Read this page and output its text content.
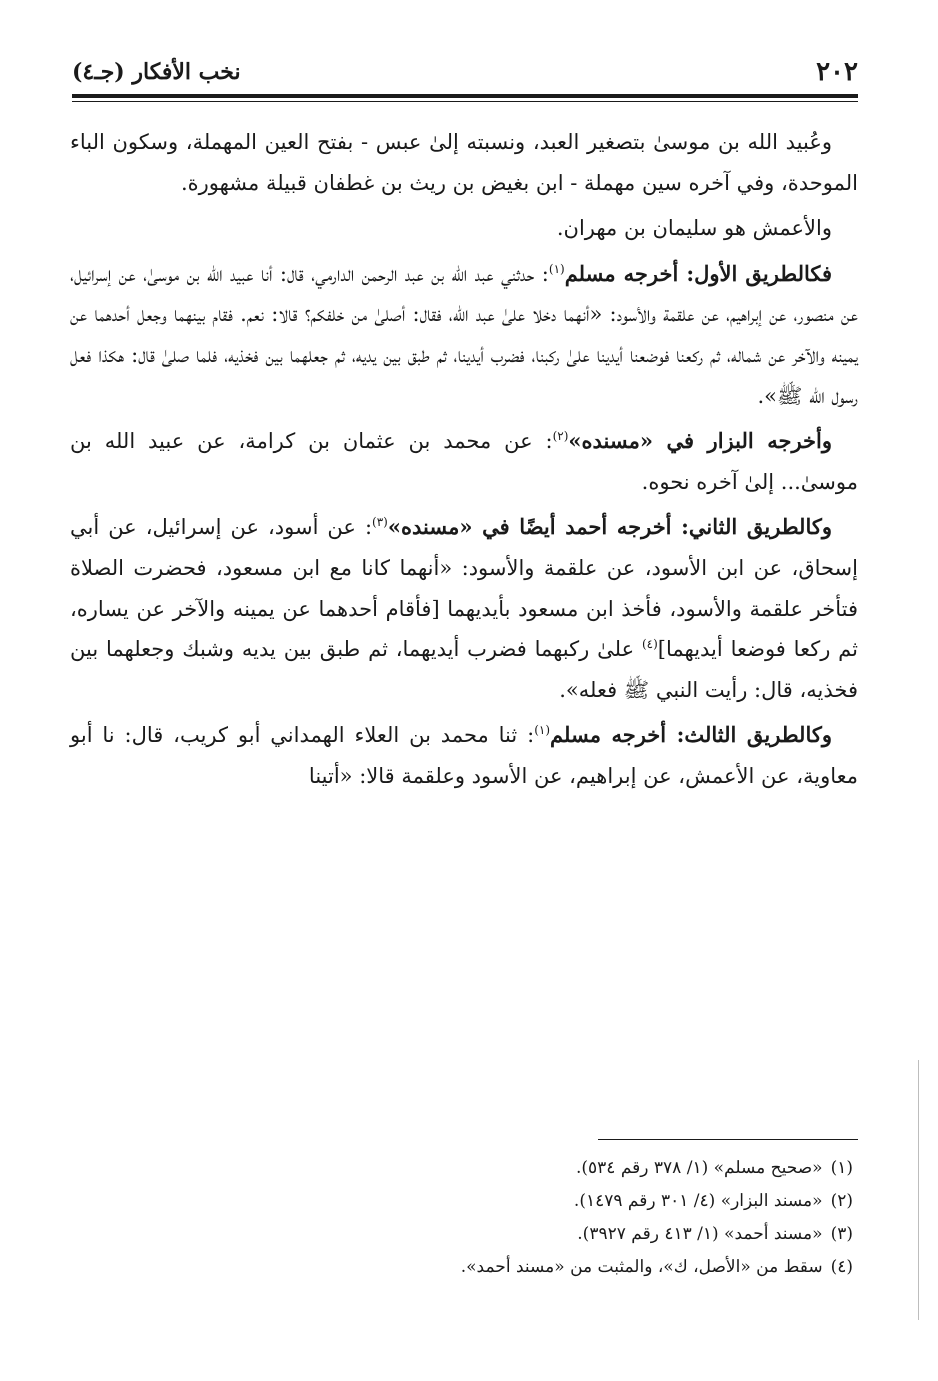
٢٠٢
نخب الأفكار (جـ٤)

وعُبيد الله بن موسىٰ بتصغير العبد، ونسبته إلىٰ عبس - بفتح العين المهملة، وسكون الباء الموحدة، وفي آخره سين مهملة - ابن بغيض بن ريث بن غطفان قبيلة مشهورة.

والأعمش هو سليمان بن مهران.

فكالطريق الأول: أخرجه مسلم$^{(١)}$: حدثني عبد الله بن عبد الرحمن الدارمي، قال: أنا عبيد الله بن موسىٰ، عن إسرائيل، عن منصور، عن إبراهيم، عن علقمة والأسود: «أنهما دخلا علىٰ عبد الله، فقال: أصلىٰ من خلفكم؟ قالا: نعم. فقام بينهما وجعل أحدهما عن يمينه والآخر عن شماله، ثم ركعنا فوضعنا أيدينا علىٰ ركبنا، فضرب أيدينا، ثم طبق بين يديه، ثم جعلهما بين فخذيه، فلما صلىٰ قال: هكذا فعل رسول الله ﷺ».

وأخرجه البزار في «مسنده»$^{(٢)}$: عن محمد بن عثمان بن كرامة، عن عبيد الله بن موسىٰ... إلىٰ آخره نحوه.

وكالطريق الثاني: أخرجه أحمد أيضًا في «مسنده»$^{(٣)}$: عن أسود، عن إسرائيل، عن أبي إسحاق، عن ابن الأسود، عن علقمة والأسود: «أنهما كانا مع ابن مسعود، فحضرت الصلاة فتأخر علقمة والأسود، فأخذ ابن مسعود بأيديهما [فأقام أحدهما عن يمينه والآخر عن يساره، ثم ركعا فوضعا أيديهما]$^{(٤)}$ علىٰ ركبهما فضرب أيديهما، ثم طبق بين يديه وشبك وجعلهما بين فخذيه، قال: رأيت النبي ﷺ فعله».

وكالطريق الثالث: أخرجه مسلم$^{(١)}$: ثنا محمد بن العلاء الهمداني أبو كريب، قال: نا أبو معاوية، عن الأعمش، عن إبراهيم، عن الأسود وعلقمة قالا: «أتينا

(١)«صحيح مسلم» (١/ ٣٧٨ رقم ٥٣٤).
(٢)«مسند البزار» (٤/ ٣٠١ رقم ١٤٧٩).
(٣)«مسند أحمد» (١/ ٤١٣ رقم ٣٩٢٧).
(٤)سقط من «الأصل، ك»، والمثبت من «مسند أحمد».
